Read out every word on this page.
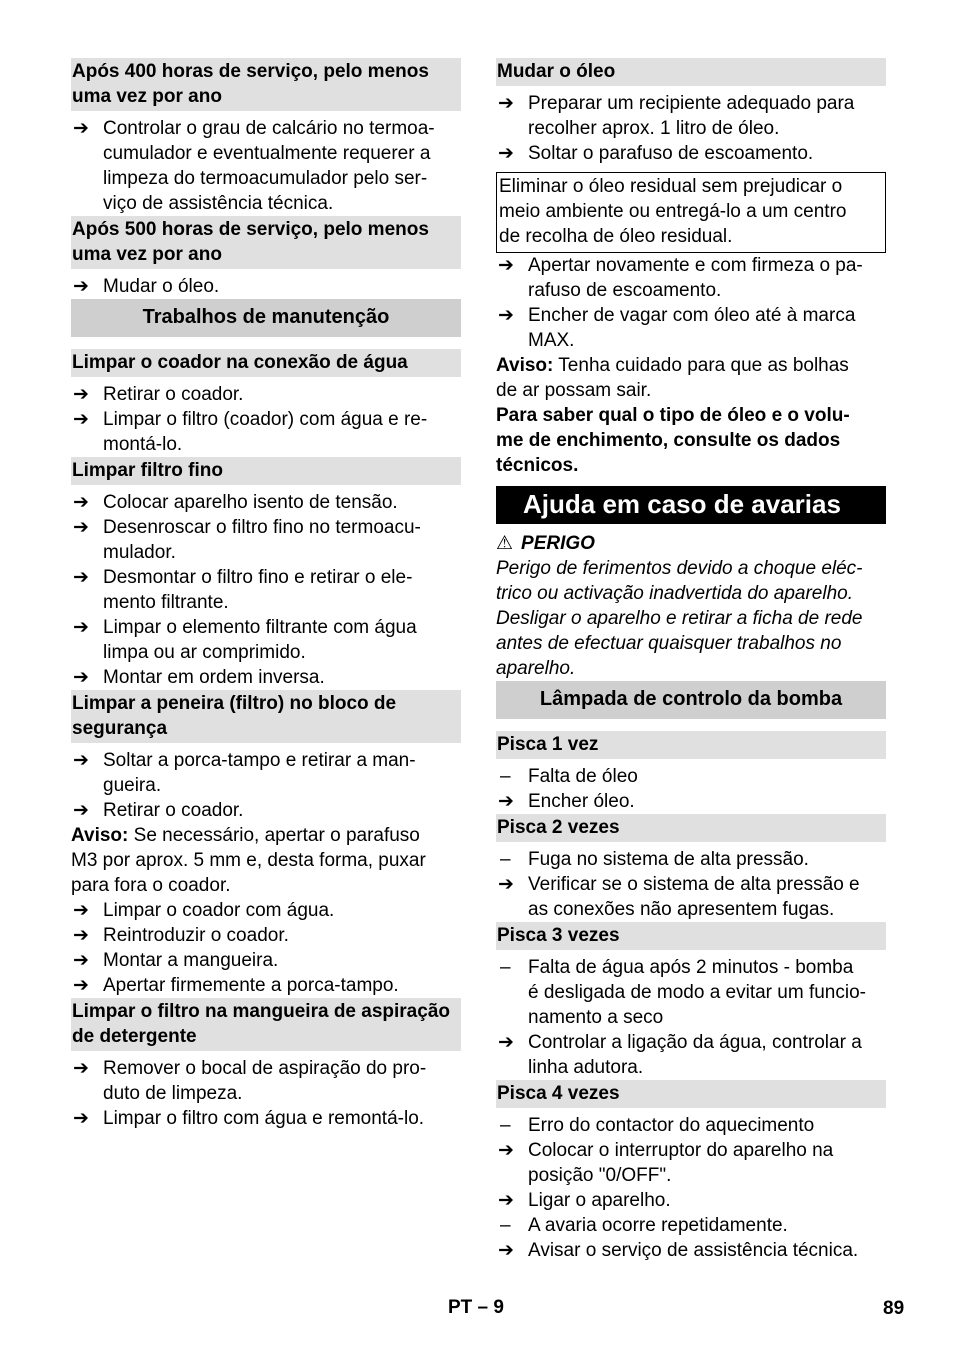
Após 400 horas de serviço, pelo menos uma vez por ano
➔ Controlar o grau de calcário no termoa-
cumulador e eventualmente requerer a
limpeza do termoacumulador pelo ser-
viço de assistência técnica.
Após 500 horas de serviço, pelo menos uma vez por ano
➔ Mudar o óleo.
Trabalhos de manutenção
Limpar o coador na conexão de água
➔ Retirar o coador.
➔ Limpar o filtro (coador) com água e re-
montá-lo.
Limpar filtro fino
➔ Colocar aparelho isento de tensão.
➔ Desenroscar o filtro fino no termoacu-
mulador.
➔ Desmontar o filtro fino e retirar o ele-
mento filtrante.
➔ Limpar o elemento filtrante com água
limpa ou ar comprimido.
➔ Montar em ordem inversa.
Limpar a peneira (filtro) no bloco de segurança
➔ Soltar a porca-tampo e retirar a man-
gueira.
➔ Retirar o coador.
Aviso: Se necessário, apertar o parafuso
M3 por aprox. 5 mm e, desta forma, puxar
para fora o coador.
➔ Limpar o coador com água.
➔ Reintroduzir o coador.
➔ Montar a mangueira.
➔ Apertar firmemente a porca-tampo.
Limpar o filtro na mangueira de aspiração de detergente
➔ Remover o bocal de aspiração do pro-
duto de limpeza.
➔ Limpar o filtro com água e remontá-lo.
Mudar o óleo
➔ Preparar um recipiente adequado para
recolher aprox. 1 litro de óleo.
➔ Soltar o parafuso de escoamento.
Eliminar o óleo residual sem prejudicar o
meio ambiente ou entregá-lo a um centro
de recolha de óleo residual.
➔ Apertar novamente e com firmeza o pa-
rafuso de escoamento.
➔ Encher de vagar com óleo até à marca
MAX.
Aviso: Tenha cuidado para que as bolhas
de ar possam sair.
Para saber qual o tipo de óleo e o volu-
me de enchimento, consulte os dados
técnicos.
Ajuda em caso de avarias
⚠ PERIGO
Perigo de ferimentos devido a choque eléc-
trico ou activação inadvertida do aparelho.
Desligar o aparelho e retirar a ficha de rede
antes de efectuar quaisquer trabalhos no
aparelho.
Lâmpada de controlo da bomba
Pisca 1 vez
– Falta de óleo
➔ Encher óleo.
Pisca 2 vezes
– Fuga no sistema de alta pressão.
➔ Verificar se o sistema de alta pressão e
as conexões não apresentem fugas.
Pisca 3 vezes
– Falta de água após 2 minutos - bomba
é desligada de modo a evitar um funcio-
namento a seco
➔ Controlar a ligação da água, controlar a
linha adutora.
Pisca 4 vezes
– Erro do contactor do aquecimento
➔ Colocar o interruptor do aparelho na
posição "0/OFF".
➔ Ligar o aparelho.
– A avaria ocorre repetidamente.
➔ Avisar o serviço de assistência técnica.
PT – 9	89
